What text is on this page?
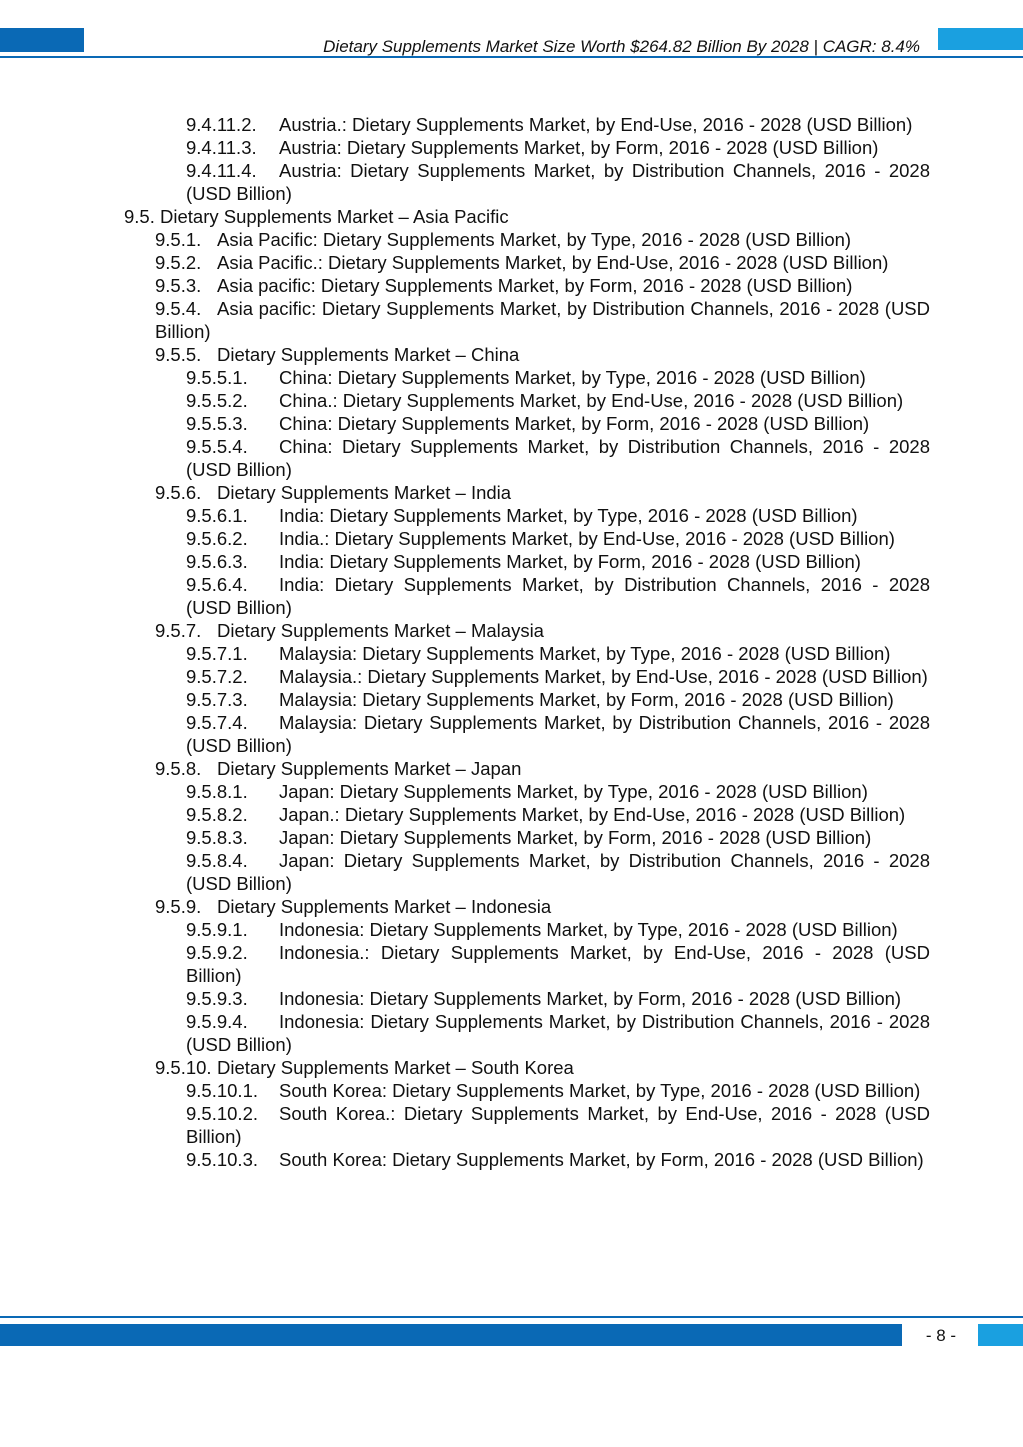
Dietary Supplements Market Size Worth $264.82 Billion By 2028 | CAGR: 8.4%
9.4.11.2.	Austria.: Dietary Supplements Market, by End-Use, 2016 - 2028 (USD Billion)
9.4.11.3.	Austria: Dietary Supplements Market, by Form, 2016 - 2028 (USD Billion)
9.4.11.4.	Austria: Dietary Supplements Market, by Distribution Channels, 2016 - 2028 (USD Billion)
9.5. Dietary Supplements Market – Asia Pacific
9.5.1. Asia Pacific: Dietary Supplements Market, by Type, 2016 - 2028 (USD Billion)
9.5.2. Asia Pacific.: Dietary Supplements Market, by End-Use, 2016 - 2028 (USD Billion)
9.5.3. Asia pacific: Dietary Supplements Market, by Form, 2016 - 2028 (USD Billion)
9.5.4. Asia pacific: Dietary Supplements Market, by Distribution Channels, 2016 - 2028 (USD Billion)
9.5.5. Dietary Supplements Market – China
9.5.5.1.	China: Dietary Supplements Market, by Type, 2016 - 2028 (USD Billion)
9.5.5.2.	China.: Dietary Supplements Market, by End-Use, 2016 - 2028 (USD Billion)
9.5.5.3.	China: Dietary Supplements Market, by Form, 2016 - 2028 (USD Billion)
9.5.5.4.	China: Dietary Supplements Market, by Distribution Channels, 2016 - 2028 (USD Billion)
9.5.6. Dietary Supplements Market – India
9.5.6.1.	India: Dietary Supplements Market, by Type, 2016 - 2028 (USD Billion)
9.5.6.2.	India.: Dietary Supplements Market, by End-Use, 2016 - 2028 (USD Billion)
9.5.6.3.	India: Dietary Supplements Market, by Form, 2016 - 2028 (USD Billion)
9.5.6.4.	India: Dietary Supplements Market, by Distribution Channels, 2016 - 2028 (USD Billion)
9.5.7. Dietary Supplements Market – Malaysia
9.5.7.1.	Malaysia: Dietary Supplements Market, by Type, 2016 - 2028 (USD Billion)
9.5.7.2.	Malaysia.: Dietary Supplements Market, by End-Use, 2016 - 2028 (USD Billion)
9.5.7.3.	Malaysia: Dietary Supplements Market, by Form, 2016 - 2028 (USD Billion)
9.5.7.4.	Malaysia: Dietary Supplements Market, by Distribution Channels, 2016 - 2028 (USD Billion)
9.5.8. Dietary Supplements Market – Japan
9.5.8.1.	Japan: Dietary Supplements Market, by Type, 2016 - 2028 (USD Billion)
9.5.8.2.	Japan.: Dietary Supplements Market, by End-Use, 2016 - 2028 (USD Billion)
9.5.8.3.	Japan: Dietary Supplements Market, by Form, 2016 - 2028 (USD Billion)
9.5.8.4.	Japan: Dietary Supplements Market, by Distribution Channels, 2016 - 2028 (USD Billion)
9.5.9. Dietary Supplements Market – Indonesia
9.5.9.1.	Indonesia: Dietary Supplements Market, by Type, 2016 - 2028 (USD Billion)
9.5.9.2.	Indonesia.: Dietary Supplements Market, by End-Use, 2016 - 2028 (USD Billion)
9.5.9.3.	Indonesia: Dietary Supplements Market, by Form, 2016 - 2028 (USD Billion)
9.5.9.4.	Indonesia: Dietary Supplements Market, by Distribution Channels, 2016 - 2028 (USD Billion)
9.5.10. Dietary Supplements Market – South Korea
9.5.10.1.	South Korea: Dietary Supplements Market, by Type, 2016 - 2028 (USD Billion)
9.5.10.2.	South Korea.: Dietary Supplements Market, by End-Use, 2016 - 2028 (USD Billion)
9.5.10.3.	South Korea: Dietary Supplements Market, by Form, 2016 - 2028 (USD Billion)
- 8 -
